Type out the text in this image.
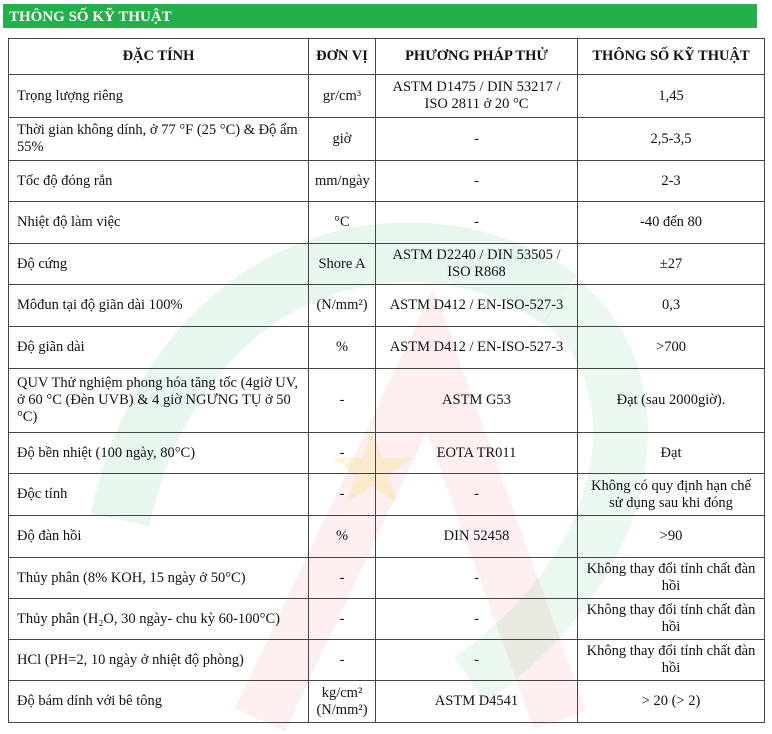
THÔNG SỐ KỸ THUẬT
ĐẶC TÍNH	ĐƠN VỊ	PHƯƠNG PHÁP THỬ	THÔNG SỐ KỸ THUẬT
Trọng lượng riêng	gr/cm³	ASTM D1475 / DIN 53217 / ISO 2811 ở 20 °C	1,45
Thời gian không dính, ở 77 °F (25 °C) & Độ ẩm 55%	giờ	-	2,5-3,5
Tốc độ đóng rắn	mm/ngày	-	2-3
Nhiệt độ làm việc	°C	-	-40 đến 80
Độ cứng	Shore A	ASTM D2240 / DIN 53505 / ISO R868	±27
Môđun tại độ giãn dài 100%	(N/mm²)	ASTM D412 / EN-ISO-527-3	0,3
Độ giãn dài	%	ASTM D412 / EN-ISO-527-3	>700
QUV Thử nghiệm phong hóa tăng tốc (4giờ UV, ở 60 °C (Đèn UVB) & 4 giờ NGƯNG TỤ ở 50 °C)	-	ASTM G53	Đạt (sau 2000giờ).
Độ bền nhiệt (100 ngày, 80°C)	-	EOTA TR011	Đạt
Độc tính	-	-	Không có quy định hạn chế sử dụng sau khi đóng
Độ đàn hồi	%	DIN 52458	>90
Thủy phân (8% KOH, 15 ngày ở 50°C)	-	-	Không thay đổi tính chất đàn hồi
Thủy phân (H₂O, 30 ngày- chu kỳ 60-100°C)	-	-	Không thay đổi tính chất đàn hồi
HCl (PH=2, 10 ngày ở nhiệt độ phòng)	-	-	Không thay đổi tính chất đàn hồi
Độ bám dính với bê tông	kg/cm² (N/mm²)	ASTM D4541	> 20 (> 2)
